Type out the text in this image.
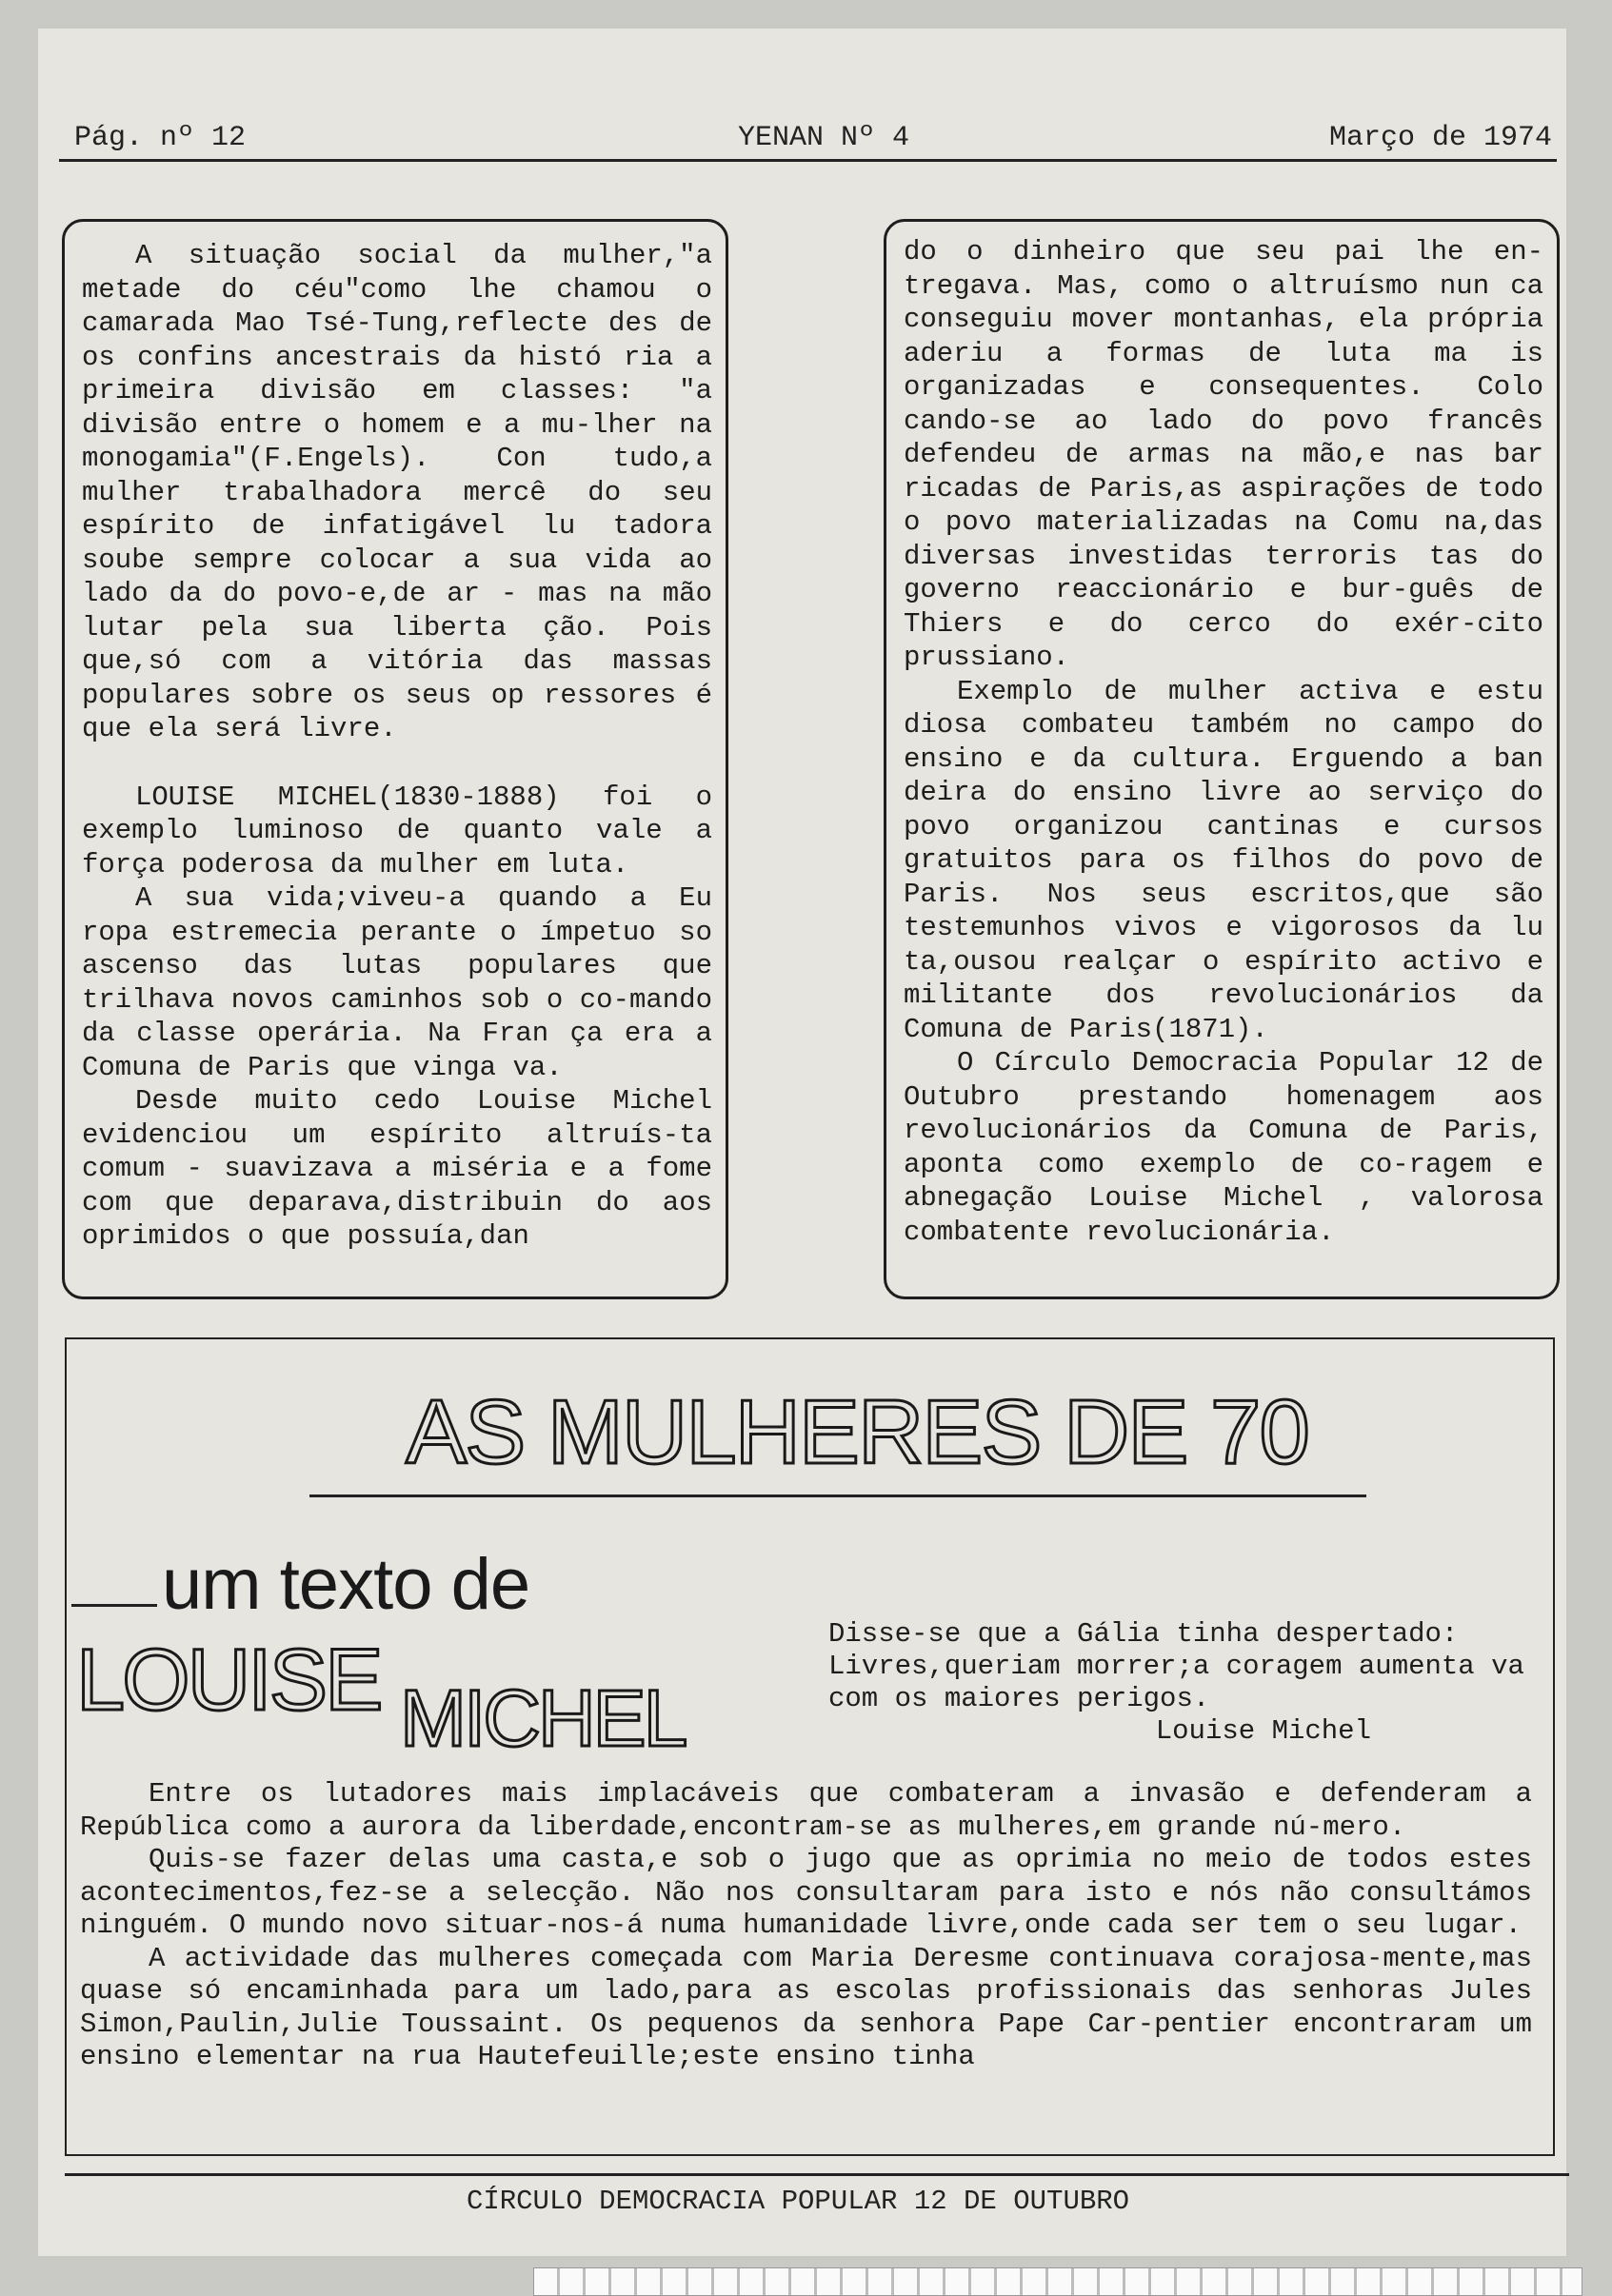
Pág. nº 12	YENAN Nº 4	Março de 1974

A situação social da mulher,"a metade do céu"como lhe chamou o camarada Mao Tsé-Tung,reflecte des de os confins ancestrais da histó ria a primeira divisão em classes: "a divisão entre o homem e a mu-lher na monogamia"(F.Engels). Con tudo,a mulher trabalhadora mercê do seu espírito de infatigável lu tadora soube sempre colocar a sua vida ao lado da do povo-e,de ar - mas na mão lutar pela sua liberta ção. Pois que,só com a vitória das massas populares sobre os seus op ressores é que ela será livre.

LOUISE MICHEL(1830-1888) foi o exemplo luminoso de quanto vale a força poderosa da mulher em luta.

A sua vida;viveu-a quando a Eu ropa estremecia perante o ímpetuo so ascenso das lutas populares que trilhava novos caminhos sob o co-mando da classe operária. Na Fran ça era a Comuna de Paris que vinga va.

Desde muito cedo Louise Michel evidenciou um espírito altruís-ta comum - suavizava a miséria e a fome com que deparava,distribuin do aos oprimidos o que possuía,dan

do o dinheiro que seu pai lhe en-tregava. Mas, como o altruísmo nun ca conseguiu mover montanhas, ela própria aderiu a formas de luta ma is organizadas e consequentes. Colo cando-se ao lado do povo francês defendeu de armas na mão,e nas bar ricadas de Paris,as aspirações de todo o povo materializadas na Comu na,das diversas investidas terroris tas do governo reaccionário e bur-guês de Thiers e do cerco do exér-cito prussiano.

Exemplo de mulher activa e estu diosa combateu também no campo do ensino e da cultura. Erguendo a ban deira do ensino livre ao serviço do povo organizou cantinas e cursos gratuitos para os filhos do povo de Paris. Nos seus escritos,que são testemunhos vivos e vigorosos da lu ta,ousou realçar o espírito activo e militante dos revolucionários da Comuna de Paris(1871).

O Círculo Democracia Popular 12 de Outubro prestando homenagem aos revolucionários da Comuna de Paris, aponta como exemplo de co-ragem e abnegação Louise Michel , valorosa combatente revolucionária.

AS MULHERES DE 70
um texto de
LOUISE MICHEL

Disse-se que a Gália tinha despertado: Livres,queriam morrer;a coragem aumenta va com os maiores perigos.

Louise Michel

Entre os lutadores mais implacáveis que combateram a invasão e defenderam a República como a aurora da liberdade,encontram-se as mulheres,em grande nú-mero.

Quis-se fazer delas uma casta,e sob o jugo que as oprimia no meio de todos estes acontecimentos,fez-se a selecção. Não nos consultaram para isto e nós não consultámos ninguém. O mundo novo situar-nos-á numa humanidade livre,onde cada ser tem o seu lugar.

A actividade das mulheres começada com Maria Deresme continuava corajosa-mente,mas quase só encaminhada para um lado,para as escolas profissionais das senhoras Jules Simon,Paulin,Julie Toussaint. Os pequenos da senhora Pape Car-pentier encontraram um ensino elementar na rua Hautefeuille;este ensino tinha

CÍRCULO DEMOCRACIA POPULAR 12 DE OUTUBRO
